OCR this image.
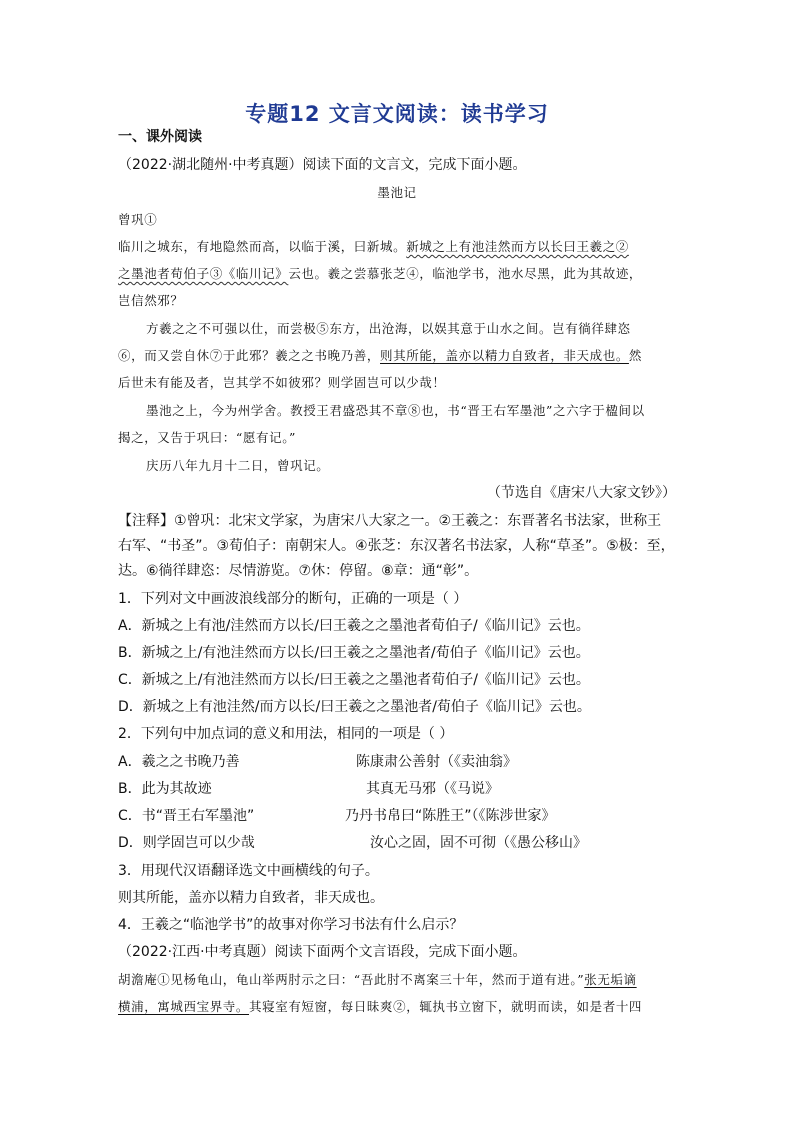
专题12 文言文阅读：读书学习
一、课外阅读
（2022·湖北随州·中考真题）阅读下面的文言文，完成下面小题。
墨池记
曾巩①
临川之城东，有地隐然而高，以临于溪，曰新城。新城之上有池洼然而方以长曰王羲之②
之墨池者荀伯子③《临川记》云也。羲之尝慕张芝④，临池学书，池水尽黑，此为其故迹，
岂信然邪？
方羲之之不可强以仕，而尝极⑤东方，出沧海，以娱其意于山水之间。岂有徜徉肆恣
⑥，而又尝自休⑦于此邪？羲之之书晚乃善，则其所能，盖亦以精力自致者，非天成也。然
后世未有能及者，岂其学不如彼邪？则学固岂可以少哉！
墨池之上，今为州学舍。教授王君盛恐其不章⑧也，书“晋王右军墨池”之六字于楹间以
揭之，又告于巩曰：“愿有记。”
庆历八年九月十二日，曾巩记。
（节选自《唐宋八大家文钞》）
【注释】①曾巩：北宋文学家，为唐宋八大家之一。②王羲之：东晋著名书法家，世称王
右军、“书圣”。③荀伯子：南朝宋人。④张芝：东汉著名书法家，人称“草圣”。⑤极：至，
达。⑥徜徉肆恣：尽情游览。⑦休：停留。⑧章：通“彰”。
1．下列对文中画波浪线部分的断句，正确的一项是（ ）
A．新城之上有池/洼然而方以长/曰王羲之之墨池者荀伯子/《临川记》云也。
B．新城之上/有池洼然而方以长/曰王羲之之墨池者/荀伯子《临川记》云也。
C．新城之上/有池洼然而方以长/曰王羲之之墨池者荀伯子/《临川记》云也。
D．新城之上有池洼然/而方以长/曰王羲之之墨池者/荀伯子《临川记》云也。
2．下列句中加点词的意义和用法，相同的一项是（ ）
A．羲之之书晚乃善	陈康肃公善射（《卖油翁》
B．此为其故迹	其真无马邪（《马说》
C．书“晋王右军墨池”	乃丹书帛曰“陈胜王”（《陈涉世家》
D．则学固岂可以少哉	汝心之固，固不可彻（《愚公移山》
3．用现代汉语翻译选文中画横线的句子。
则其所能，盖亦以精力自致者，非天成也。
4．王羲之“临池学书”的故事对你学习书法有什么启示？
（2022·江西·中考真题）阅读下面两个文言语段，完成下面小题。
胡澹庵①见杨龟山，龟山举两肘示之曰：“吾此肘不离案三十年，然而于道有进。”张无垢谪
横浦，寓城西宝界寺。其寝室有短窗，每日昧爽②，辄执书立窗下，就明而读，如是者十四
